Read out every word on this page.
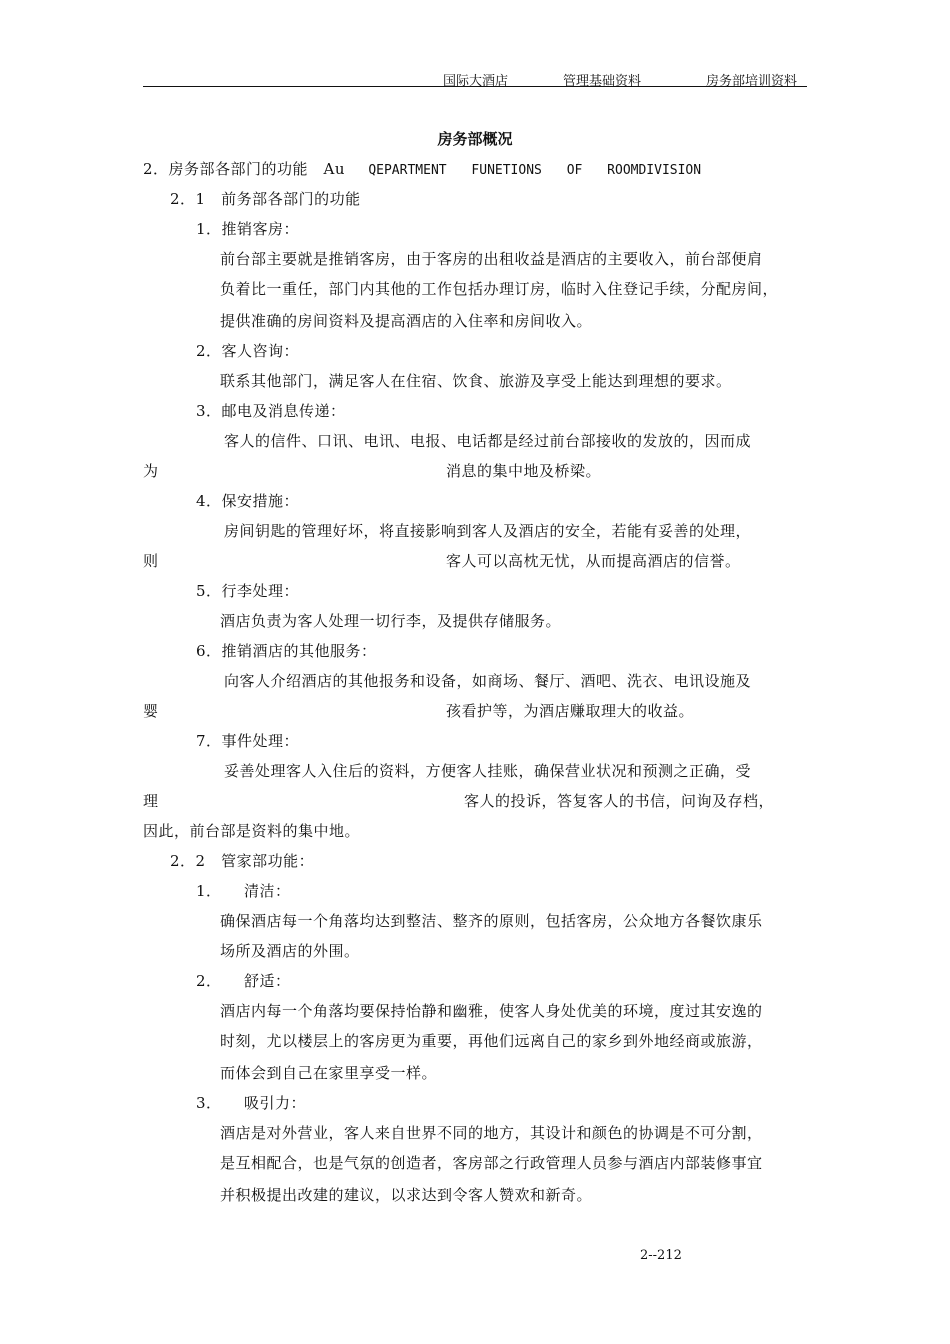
国际大酒店	管理基础资料	房务部培训资料
房务部概况
2．房务部各部门的功能　Au QEPARTMENT　 FUNETIONS　 OF　 ROOMDIVISION
2．1　前务部各部门的功能
1．推销客房：
前台部主要就是推销客房，由于客房的出租收益是酒店的主要收入，前台部便肩
负着比一重任，部门内其他的工作包括办理订房，临时入住登记手续，分配房间，
提供准确的房间资料及提高酒店的入住率和房间收入。
2．客人咨询：
联系其他部门，满足客人在住宿、饮食、旅游及享受上能达到理想的要求。
3．邮电及消息传递：
客人的信件、口讯、电讯、电报、电话都是经过前台部接收的发放的，因而成
为	消息的集中地及桥梁。
4．保安措施：
房间钥匙的管理好坏，将直接影响到客人及酒店的安全，若能有妥善的处理，
则	客人可以高枕无忧，从而提高酒店的信誉。
5．行李处理：
酒店负责为客人处理一切行李，及提供存储服务。
6．推销酒店的其他服务：
向客人介绍酒店的其他报务和设备，如商场、餐厅、酒吧、洗衣、电讯设施及
婴	孩看护等，为酒店赚取理大的收益。
7．事件处理：
妥善处理客人入住后的资料，方便客人挂账，确保营业状况和预测之正确，受
理	客人的投诉，答复客人的书信，问询及存档，
因此，前台部是资料的集中地。
2．2　管家部功能：
1． 清洁：
确保酒店每一个角落均达到整洁、整齐的原则，包括客房，公众地方各餐饮康乐
场所及酒店的外围。
2． 舒适：
酒店内每一个角落均要保持怡静和幽雅，使客人身处优美的环境，度过其安逸的
时刻，尤以楼层上的客房更为重要，再他们远离自己的家乡到外地经商或旅游，
而体会到自己在家里享受一样。
3． 吸引力：
酒店是对外营业，客人来自世界不同的地方，其设计和颜色的协调是不可分割，
是互相配合，也是气氛的创造者，客房部之行政管理人员参与酒店内部装修事宜
并积极提出改建的建议，以求达到令客人赞欢和新奇。
2--212
